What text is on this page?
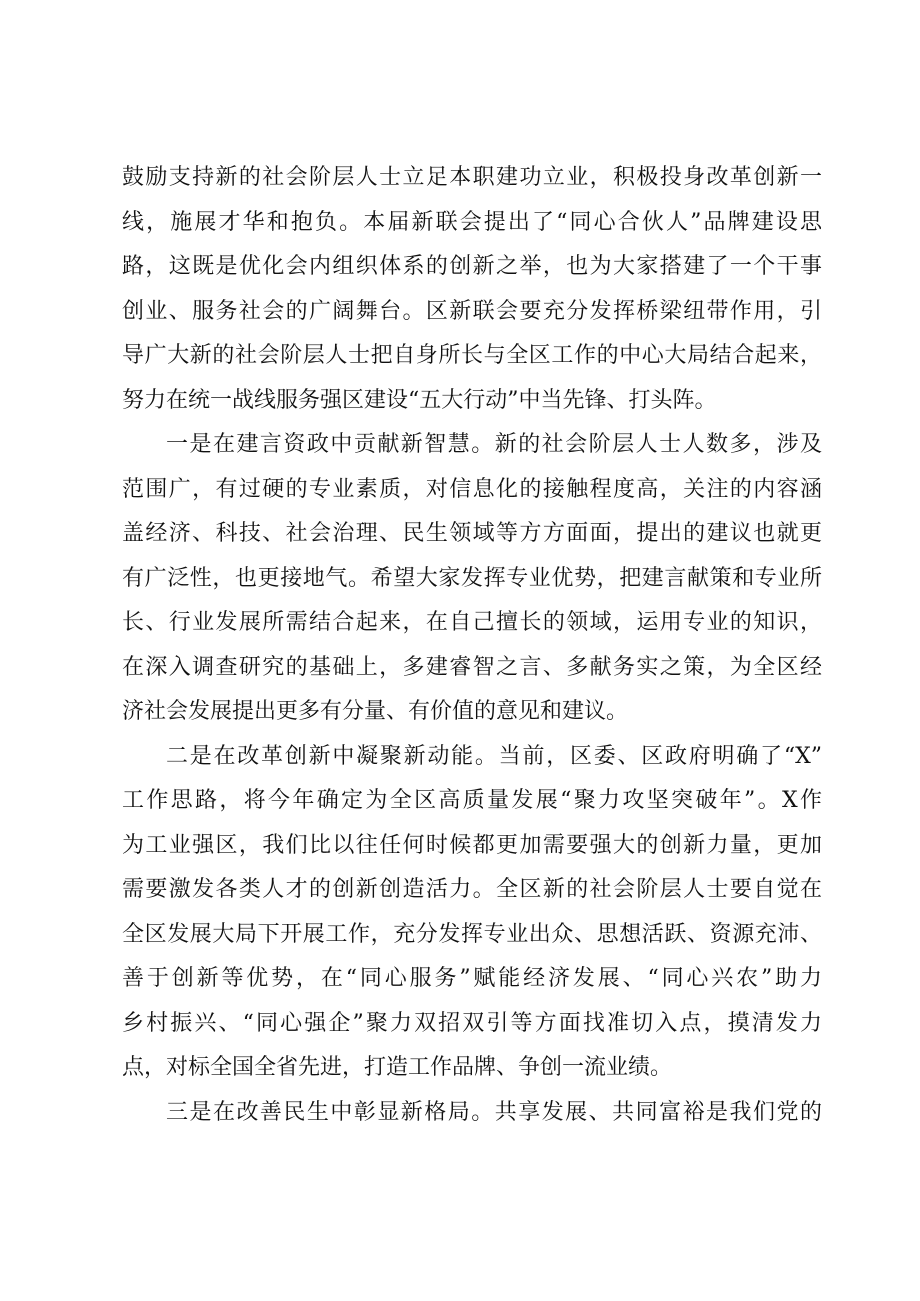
鼓励支持新的社会阶层人士立足本职建功立业，积极投身改革创新一
线，施展才华和抱负。本届新联会提出了“同心合伙人”品牌建设思
路，这既是优化会内组织体系的创新之举，也为大家搭建了一个干事
创业、服务社会的广阔舞台。区新联会要充分发挥桥梁纽带作用，引
导广大新的社会阶层人士把自身所长与全区工作的中心大局结合起来，
努力在统一战线服务强区建设“五大行动”中当先锋、打头阵。
一是在建言资政中贡献新智慧。新的社会阶层人士人数多，涉及
范围广，有过硬的专业素质，对信息化的接触程度高，关注的内容涵
盖经济、科技、社会治理、民生领域等方方面面，提出的建议也就更
有广泛性，也更接地气。希望大家发挥专业优势，把建言献策和专业所
长、行业发展所需结合起来，在自己擅长的领域，运用专业的知识，
在深入调查研究的基础上，多建睿智之言、多献务实之策，为全区经
济社会发展提出更多有分量、有价值的意见和建议。
二是在改革创新中凝聚新动能。当前，区委、区政府明确了“X”
工作思路，将今年确定为全区高质量发展“聚力攻坚突破年”。X作
为工业强区，我们比以往任何时候都更加需要强大的创新力量，更加
需要激发各类人才的创新创造活力。全区新的社会阶层人士要自觉在
全区发展大局下开展工作，充分发挥专业出众、思想活跃、资源充沛、
善于创新等优势，在“同心服务”赋能经济发展、“同心兴农”助力
乡村振兴、“同心强企”聚力双招双引等方面找准切入点，摸清发力
点，对标全国全省先进，打造工作品牌、争创一流业绩。
三是在改善民生中彰显新格局。共享发展、共同富裕是我们党的
